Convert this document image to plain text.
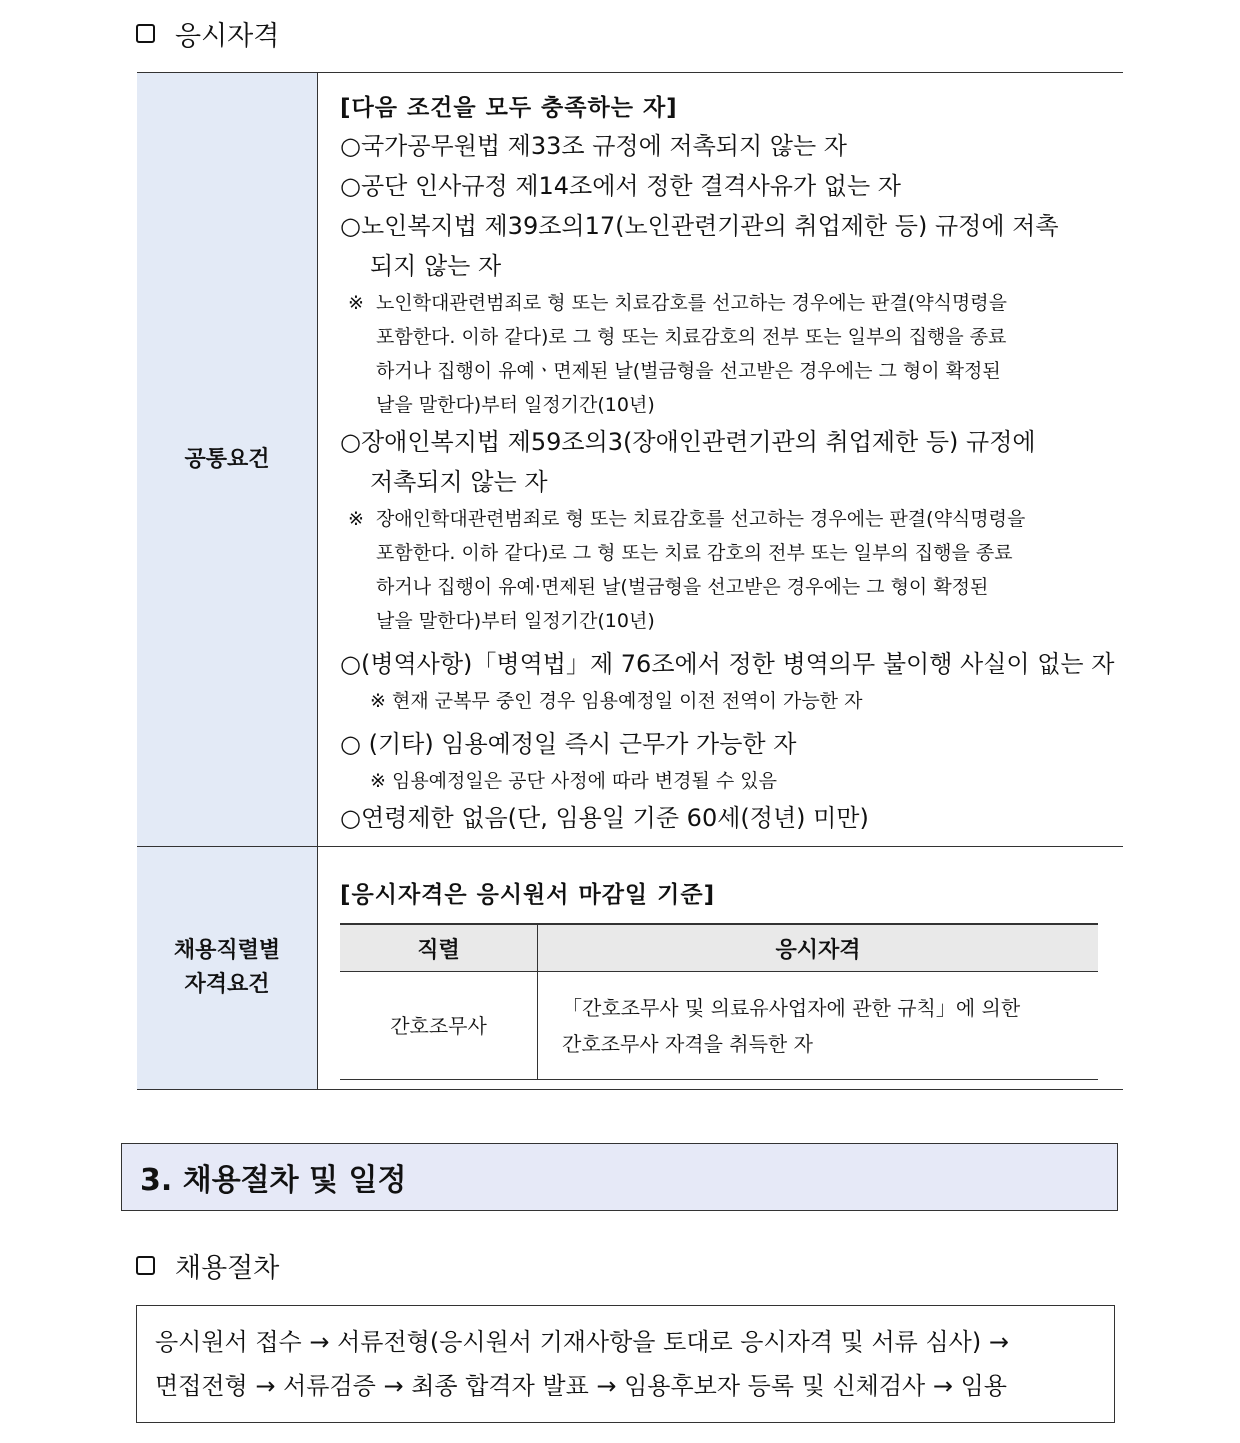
응시자격
공통요건	
[다음 조건을 모두 충족하는 자]
○국가공무원법 제33조 규정에 저촉되지 않는 자
○공단 인사규정 제14조에서 정한 결격사유가 없는 자
○노인복지법 제39조의17(노인관련기관의 취업제한 등) 규정에 저촉
되지 않는 자
※ 노인학대관련범죄로 형 또는 치료감호를 선고하는 경우에는 판결(약식명령을
포함한다. 이하 같다)로 그 형 또는 치료감호의 전부 또는 일부의 집행을 종료
하거나 집행이 유예ㆍ면제된 날(벌금형을 선고받은 경우에는 그 형이 확정된
날을 말한다)부터 일정기간(10년)
○장애인복지법 제59조의3(장애인관련기관의 취업제한 등) 규정에
저촉되지 않는 자
※ 장애인학대관련범죄로 형 또는 치료감호를 선고하는 경우에는 판결(약식명령을
포함한다. 이하 같다)로 그 형 또는 치료 감호의 전부 또는 일부의 집행을 종료
하거나 집행이 유예·면제된 날(벌금형을 선고받은 경우에는 그 형이 확정된
날을 말한다)부터 일정기간(10년)
○(병역사항)「병역법」제 76조에서 정한 병역의무 불이행 사실이 없는 자
※ 현재 군복무 중인 경우 임용예정일 이전 전역이 가능한 자
○ (기타) 임용예정일 즉시 근무가 가능한 자
※ 임용예정일은 공단 사정에 따라 변경될 수 있음
○연령제한 없음(단, 임용일 기준 60세(정년) 미만)

채용직렬별
자격요건

[응시자격은 응시원서 마감일 기준]
직렬	응시자격
간호조무사	
「간호조무사 및 의료유사업자에 관한 규칙」에 의한
간호조무사 자격을 취득한 자
3. 채용절차 및 일정
채용절차
응시원서 접수 → 서류전형(응시원서 기재사항을 토대로 응시자격 및 서류 심사) →
면접전형 → 서류검증 → 최종 합격자 발표 → 임용후보자 등록 및 신체검사 → 임용
